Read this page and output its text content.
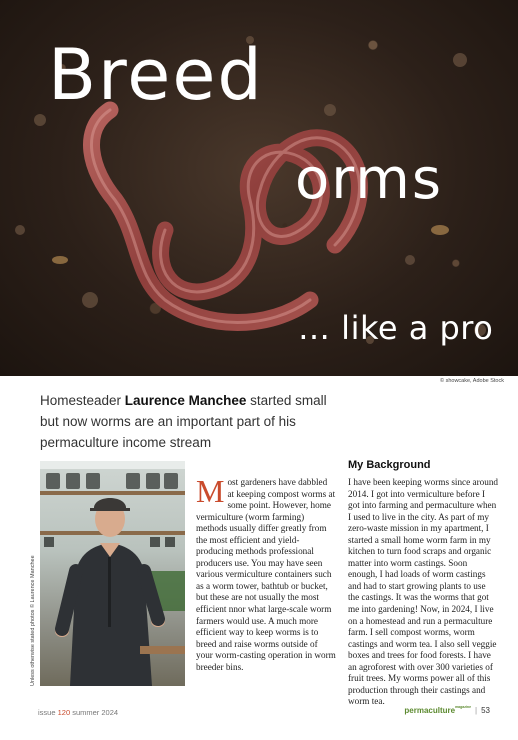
Breed
orms
… like a pro
© showcake, Adobe Stock
Homesteader Laurence Manchee started small but now worms are an important part of his permaculture income stream
Unless otherwise stated photos © Laurence Manchee
Most gardeners have dabbled at keeping compost worms at some point. However, home vermiculture (worm farming) methods usually differ greatly from the most efficient and yield-producing methods professional producers use. You may have seen various vermiculture containers such as a worm tower, bathtub or bucket, but these are not usually the most efficient nnor what large-scale worm farmers would use. A much more efficient way to keep worms is to breed and raise worms outside of your worm-casting operation in worm breeder bins.
My Background
I have been keeping worms since around 2014. I got into vermiculture before I got into farming and permaculture when I used to live in the city. As part of my zero-waste mission in my apartment, I started a small home worm farm in my kitchen to turn food scraps and organic matter into worm castings. Soon enough, I had loads of worm castings and had to start growing plants to use the castings. It was the worms that got me into gardening! Now, in 2024, I live on a homestead and run a permaculture farm. I sell compost worms, worm castings and worm tea. I also sell veggie boxes and trees for food forests. I have an agroforest with over 300 varieties of fruit trees. My worms power all of this production through their castings and worm tea.
issue 120 summer 2024	permaculture$^{magazine}$ | 53
